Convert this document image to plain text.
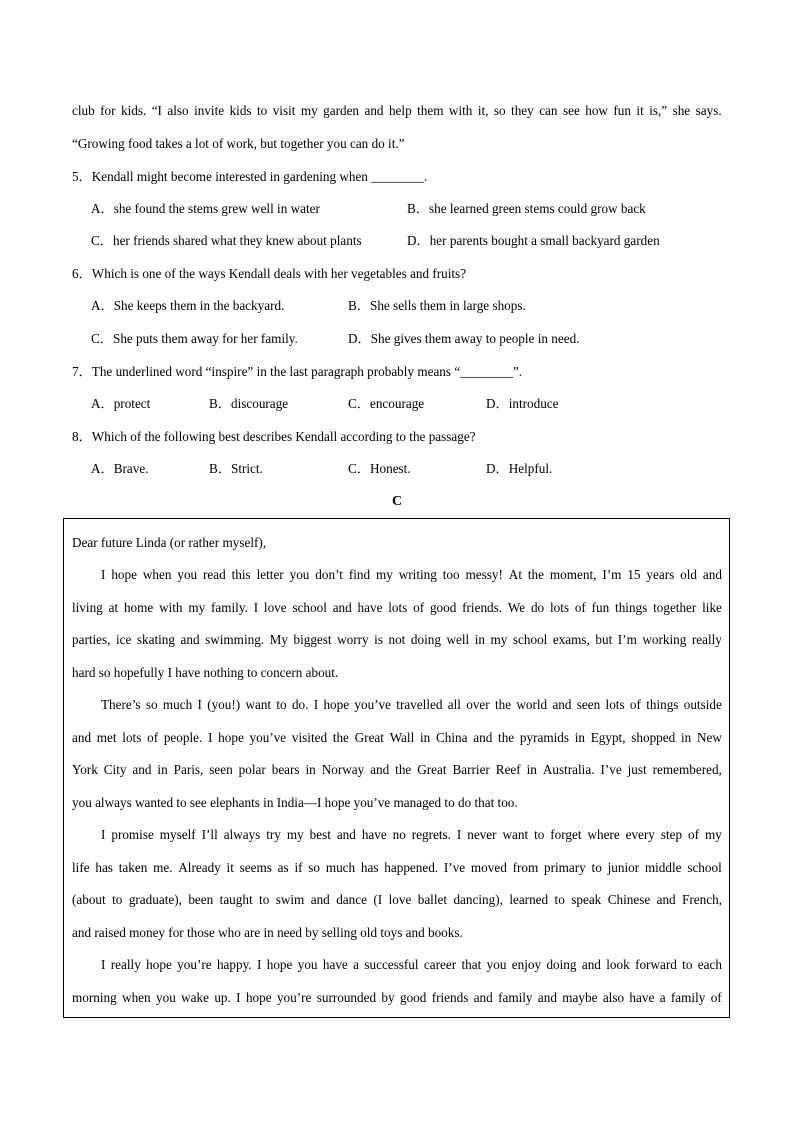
club for kids. “I also invite kids to visit my garden and help them with it, so they can see how fun it is,” she says.
“Growing food takes a lot of work, but together you can do it.”
5．Kendall might become interested in gardening when ________.
A．she found the stems grew well in water	B．she learned green stems could grow back
C．her friends shared what they knew about plants	D．her parents bought a small backyard garden
6．Which is one of the ways Kendall deals with her vegetables and fruits?
A．She keeps them in the backyard.	B．She sells them in large shops.
C．She puts them away for her family.	D．She gives them away to people in need.
7．The underlined word “inspire” in the last paragraph probably means “________”.
A．protect	B．discourage	C．encourage	D．introduce
8．Which of the following best describes Kendall according to the passage?
A．Brave.	B．Strict.	C．Honest.	D．Helpful.
C
Dear future Linda (or rather myself),
I hope when you read this letter you don’t find my writing too messy! At the moment, I’m 15 years old and
living at home with my family. I love school and have lots of good friends. We do lots of fun things together like
parties, ice skating and swimming. My biggest worry is not doing well in my school exams, but I’m working really
hard so hopefully I have nothing to concern about.
There’s so much I (you!) want to do. I hope you’ve travelled all over the world and seen lots of things outside
and met lots of people. I hope you’ve visited the Great Wall in China and the pyramids in Egypt, shopped in New
York City and in Paris, seen polar bears in Norway and the Great Barrier Reef in Australia. I’ve just remembered,
you always wanted to see elephants in India—I hope you’ve managed to do that too.
I promise myself I’ll always try my best and have no regrets. I never want to forget where every step of my
life has taken me. Already it seems as if so much has happened. I’ve moved from primary to junior middle school
(about to graduate), been taught to swim and dance (I love ballet dancing), learned to speak Chinese and French,
and raised money for those who are in need by selling old toys and books.
I really hope you’re happy. I hope you have a successful career that you enjoy doing and look forward to each
morning when you wake up. I hope you’re surrounded by good friends and family and maybe also have a family of
